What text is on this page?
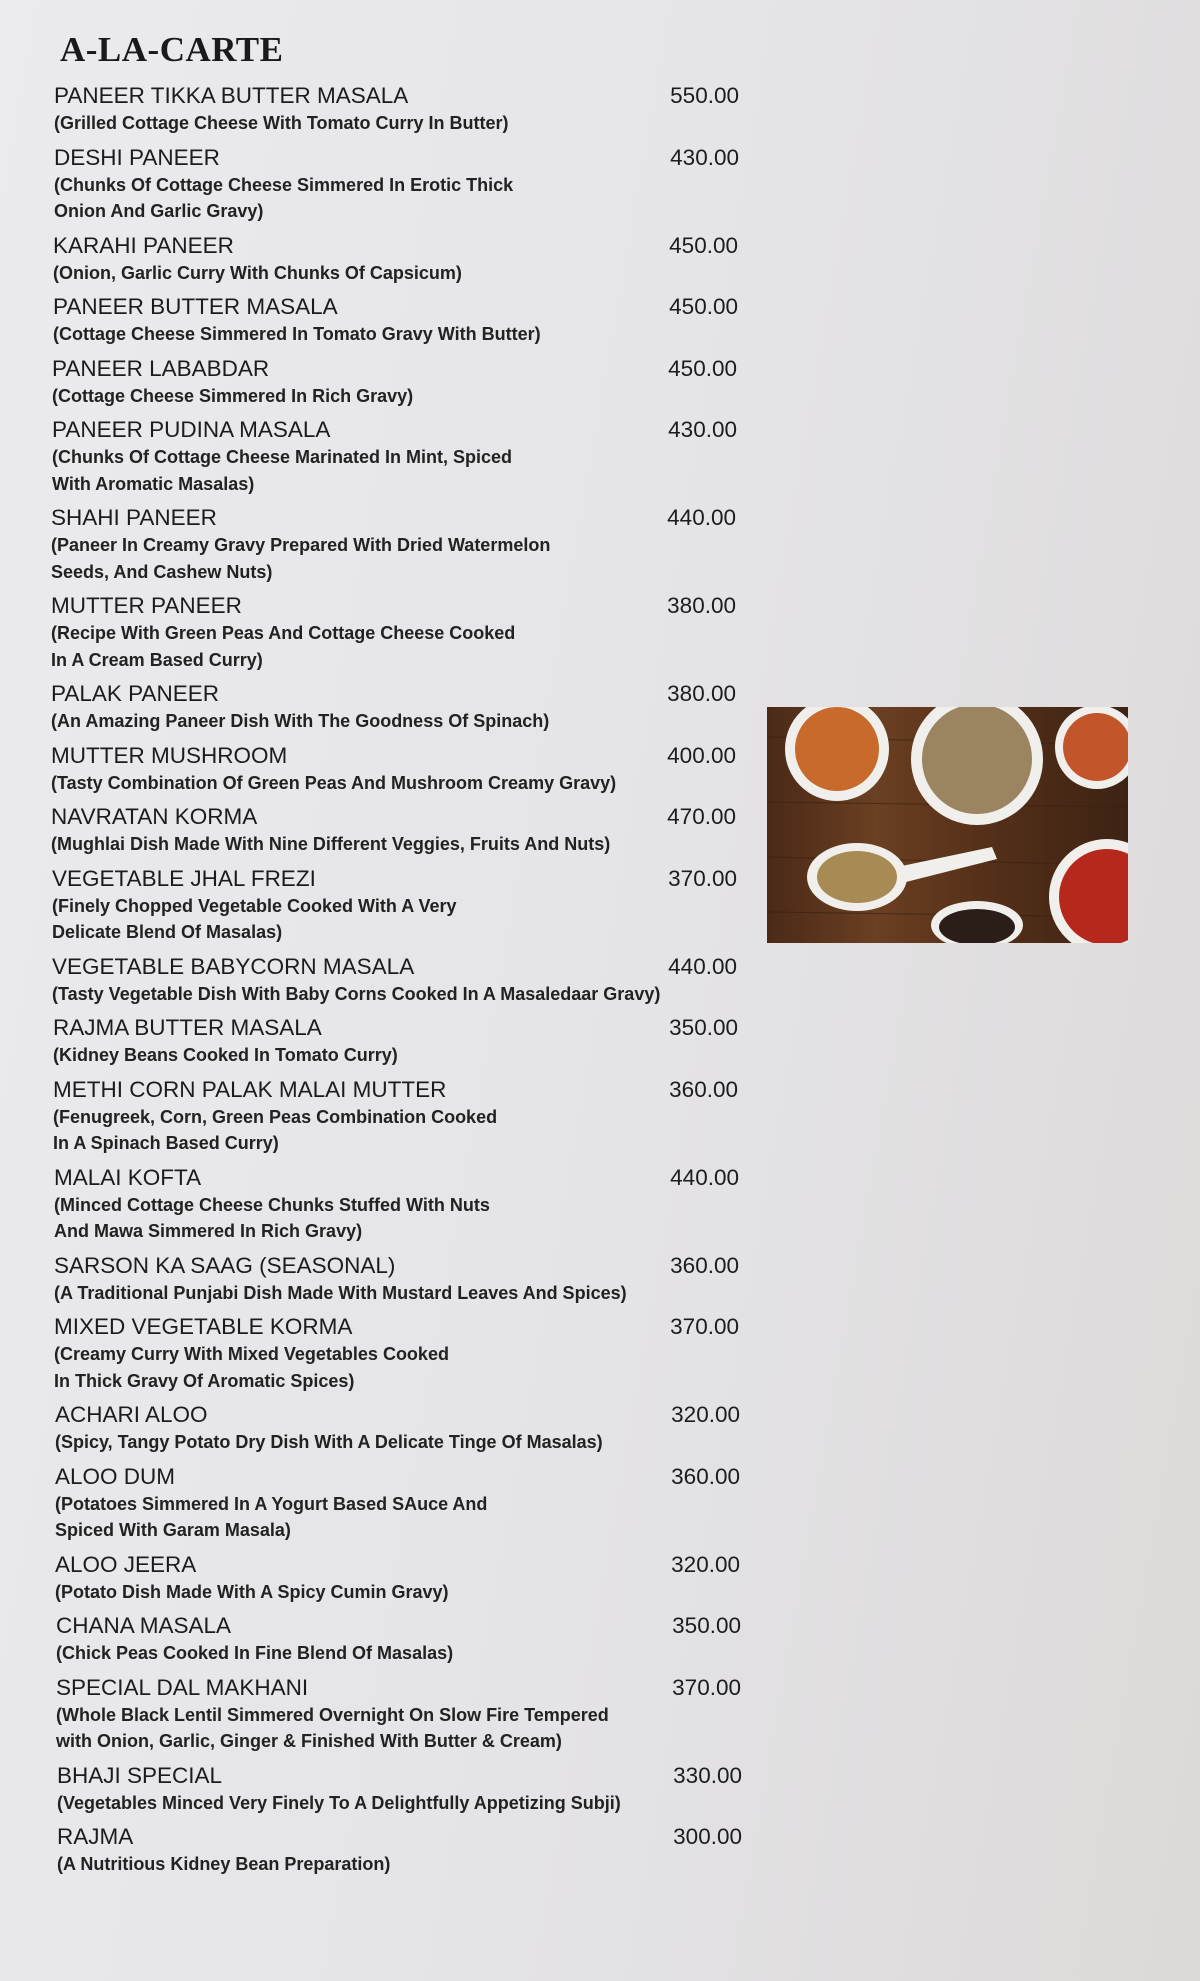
A-LA-CARTE
PANEER TIKKA BUTTER MASALA	550.00
(Grilled Cottage Cheese With Tomato Curry In Butter)
DESHI PANEER	430.00
(Chunks Of Cottage Cheese Simmered In Erotic Thick
Onion And Garlic Gravy)
KARAHI PANEER	450.00
(Onion, Garlic Curry With Chunks Of Capsicum)
PANEER BUTTER MASALA	450.00
(Cottage Cheese Simmered In Tomato Gravy With Butter)
PANEER LABABDAR	450.00
(Cottage Cheese Simmered In Rich Gravy)
PANEER PUDINA MASALA	430.00
(Chunks Of Cottage Cheese Marinated In Mint, Spiced
With Aromatic Masalas)
SHAHI PANEER	440.00
(Paneer In Creamy Gravy Prepared With Dried Watermelon
Seeds, And Cashew Nuts)
MUTTER PANEER	380.00
(Recipe With Green Peas And Cottage Cheese Cooked
In A Cream Based Curry)
PALAK PANEER	380.00
(An Amazing Paneer Dish With The Goodness Of Spinach)
MUTTER MUSHROOM	400.00
(Tasty Combination Of Green Peas And Mushroom Creamy Gravy)
NAVRATAN KORMA	470.00
(Mughlai Dish Made With Nine Different Veggies, Fruits And Nuts)
VEGETABLE JHAL FREZI	370.00
(Finely Chopped Vegetable Cooked With A Very
Delicate Blend Of Masalas)
VEGETABLE BABYCORN MASALA	440.00
(Tasty Vegetable Dish With Baby Corns Cooked In A Masaledaar Gravy)
RAJMA BUTTER MASALA	350.00
(Kidney Beans Cooked In Tomato Curry)
METHI CORN PALAK MALAI MUTTER	360.00
(Fenugreek, Corn, Green Peas Combination Cooked
In A Spinach Based Curry)
MALAI KOFTA	440.00
(Minced Cottage Cheese Chunks Stuffed With Nuts
And Mawa Simmered In Rich Gravy)
SARSON KA SAAG (SEASONAL)	360.00
(A Traditional Punjabi Dish Made With Mustard Leaves And Spices)
MIXED VEGETABLE KORMA	370.00
(Creamy Curry With Mixed Vegetables Cooked
In Thick Gravy Of Aromatic Spices)
ACHARI ALOO	320.00
(Spicy, Tangy Potato Dry Dish With A Delicate Tinge Of Masalas)
ALOO DUM	360.00
(Potatoes Simmered In A Yogurt Based SAuce And
Spiced With Garam Masala)
ALOO JEERA	320.00
(Potato Dish Made With A Spicy Cumin Gravy)
CHANA MASALA	350.00
(Chick Peas Cooked In Fine Blend Of Masalas)
SPECIAL DAL MAKHANI	370.00
(Whole Black Lentil Simmered Overnight On Slow Fire Tempered
with Onion, Garlic, Ginger & Finished With Butter & Cream)
BHAJI SPECIAL	330.00
(Vegetables Minced Very Finely To A Delightfully Appetizing Subji)
RAJMA	300.00
(A Nutritious Kidney Bean Preparation)
